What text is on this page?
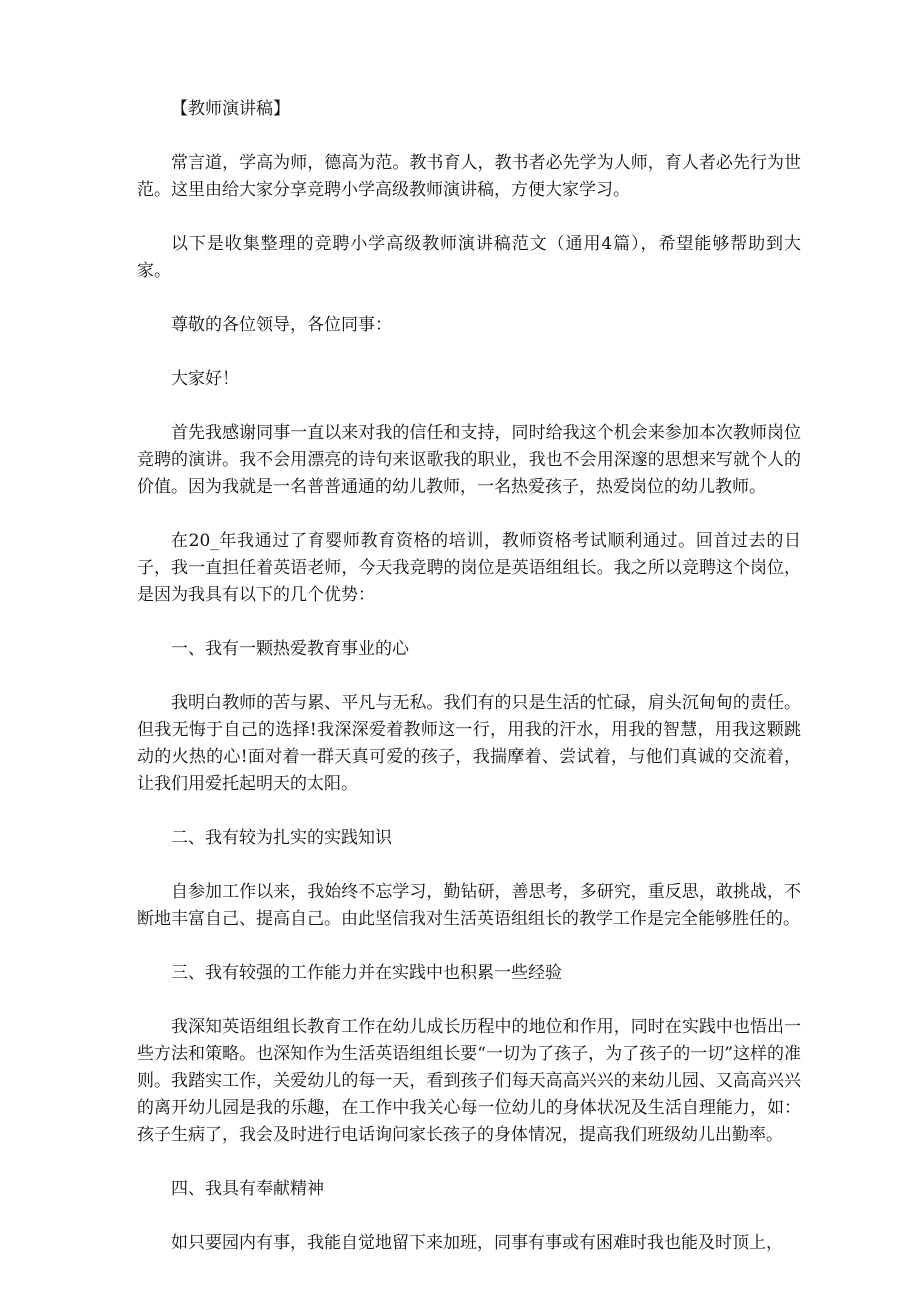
【教师演讲稿】

常言道，学高为师，德高为范。教书育人，教书者必先学为人师，育人者必先行为世范。这里由给大家分享竞聘小学高级教师演讲稿，方便大家学习。

以下是收集整理的竞聘小学高级教师演讲稿范文（通用4篇），希望能够帮助到大家。

尊敬的各位领导，各位同事：

大家好！

首先我感谢同事一直以来对我的信任和支持，同时给我这个机会来参加本次教师岗位竞聘的演讲。我不会用漂亮的诗句来讴歌我的职业，我也不会用深邃的思想来写就个人的价值。因为我就是一名普普通通的幼儿教师，一名热爱孩子，热爱岗位的幼儿教师。

在20_年我通过了育婴师教育资格的培训，教师资格考试顺利通过。回首过去的日子，我一直担任着英语老师，今天我竞聘的岗位是英语组组长。我之所以竞聘这个岗位，是因为我具有以下的几个优势：

一、我有一颗热爱教育事业的心

我明白教师的苦与累、平凡与无私。我们有的只是生活的忙碌，肩头沉甸甸的责任。但我无悔于自己的选择!我深深爱着教师这一行，用我的汗水，用我的智慧，用我这颗跳动的火热的心!面对着一群天真可爱的孩子，我揣摩着、尝试着，与他们真诚的交流着，让我们用爱托起明天的太阳。

二、我有较为扎实的实践知识

自参加工作以来，我始终不忘学习，勤钻研，善思考，多研究，重反思，敢挑战，不断地丰富自己、提高自己。由此坚信我对生活英语组组长的教学工作是完全能够胜任的。

三、我有较强的工作能力并在实践中也积累一些经验

我深知英语组组长教育工作在幼儿成长历程中的地位和作用，同时在实践中也悟出一些方法和策略。也深知作为生活英语组组长要“一切为了孩子，为了孩子的一切”这样的准则。我踏实工作，关爱幼儿的每一天，看到孩子们每天高高兴兴的来幼儿园、又高高兴兴的离开幼儿园是我的乐趣，在工作中我关心每一位幼儿的身体状况及生活自理能力，如：孩子生病了，我会及时进行电话询问家长孩子的身体情况，提高我们班级幼儿出勤率。

四、我具有奉献精神

如只要园内有事，我能自觉地留下来加班，同事有事或有困难时我也能及时顶上，
